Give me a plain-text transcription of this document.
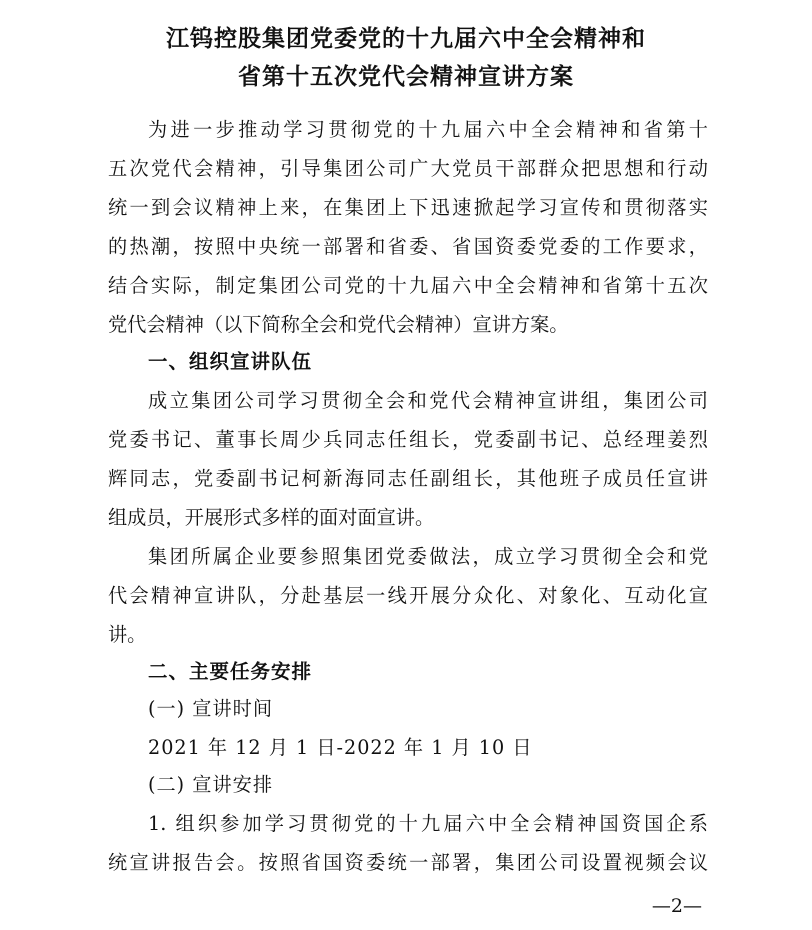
江钨控股集团党委党的十九届六中全会精神和
省第十五次党代会精神宣讲方案
为进一步推动学习贯彻党的十九届六中全会精神和省第十
五次党代会精神，引导集团公司广大党员干部群众把思想和行动
统一到会议精神上来，在集团上下迅速掀起学习宣传和贯彻落实
的热潮，按照中央统一部署和省委、省国资委党委的工作要求，
结合实际，制定集团公司党的十九届六中全会精神和省第十五次
党代会精神（以下简称全会和党代会精神）宣讲方案。
一、组织宣讲队伍
成立集团公司学习贯彻全会和党代会精神宣讲组，集团公司
党委书记、董事长周少兵同志任组长，党委副书记、总经理姜烈
辉同志，党委副书记柯新海同志任副组长，其他班子成员任宣讲
组成员，开展形式多样的面对面宣讲。
集团所属企业要参照集团党委做法，成立学习贯彻全会和党
代会精神宣讲队，分赴基层一线开展分众化、对象化、互动化宣
讲。
二、主要任务安排
(一) 宣讲时间
2021 年 12 月 1 日-2022 年 1 月 10 日
(二) 宣讲安排
1. 组织参加学习贯彻党的十九届六中全会精神国资国企系
统宣讲报告会。按照省国资委统一部署，集团公司设置视频会议
—2—
